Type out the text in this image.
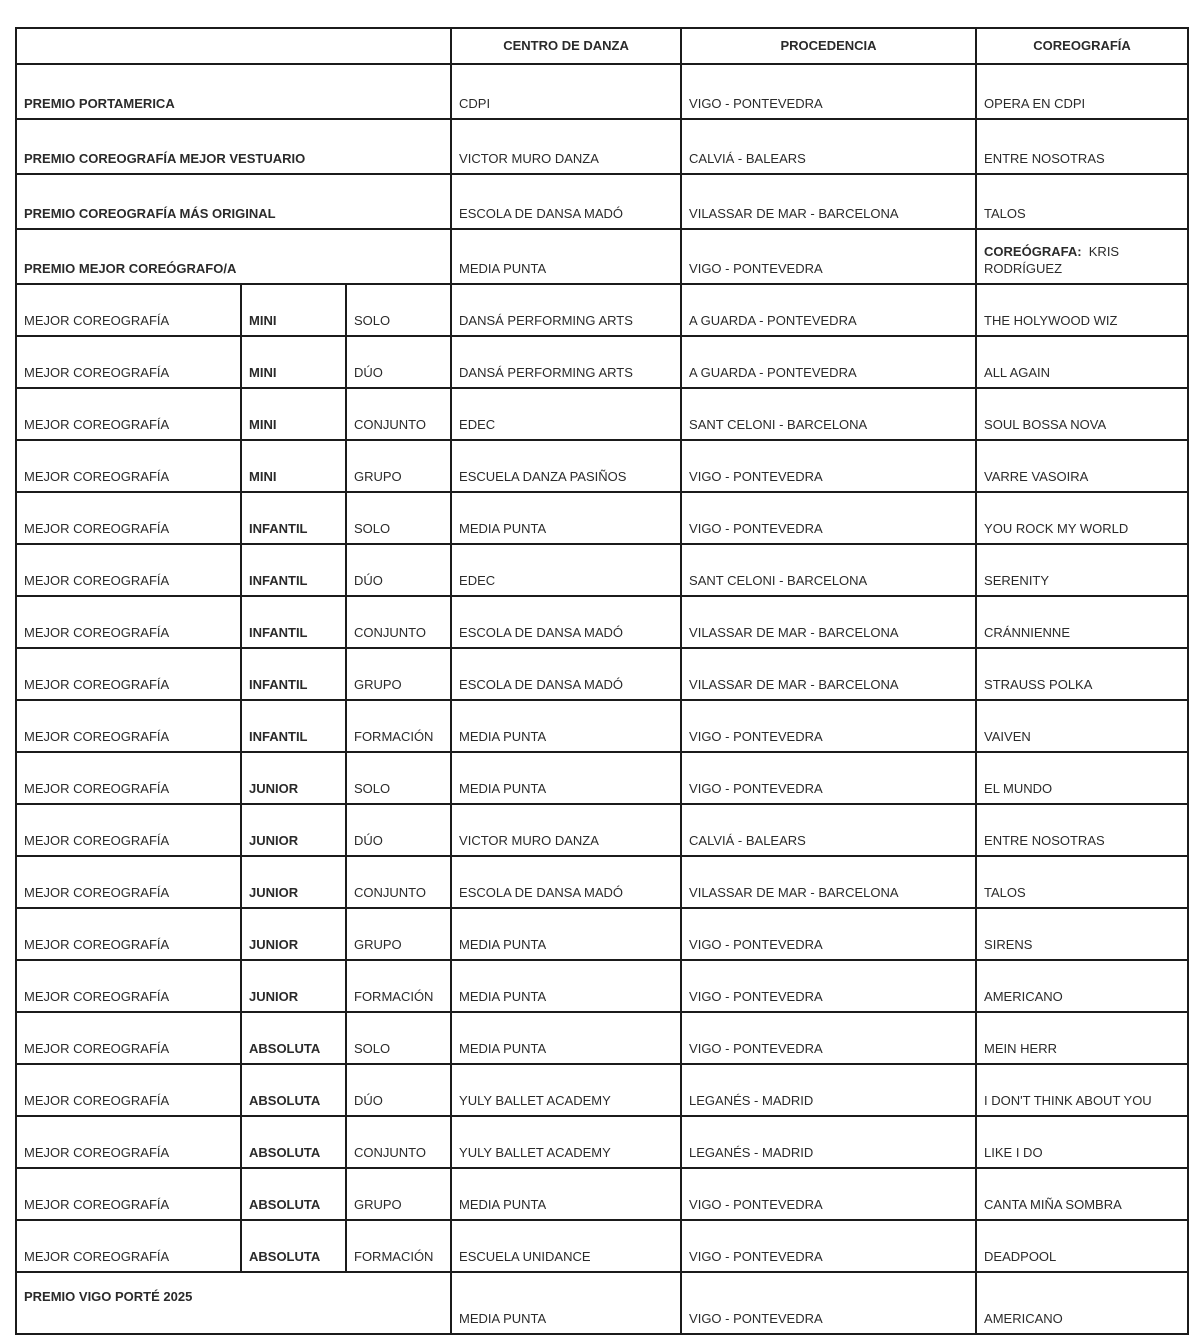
			CENTRO DE DANZA	PROCEDENCIA	COREOGRAFÍA
PREMIO PORTAMERICA			CDPI	VIGO - PONTEVEDRA	OPERA EN CDPI
PREMIO COREOGRAFÍA MEJOR VESTUARIO			VICTOR MURO DANZA	CALVIÁ - BALEARS	ENTRE NOSOTRAS
PREMIO COREOGRAFÍA MÁS ORIGINAL			ESCOLA DE DANSA MADÓ	VILASSAR DE MAR - BARCELONA	TALOS
PREMIO MEJOR COREÓGRAFO/A			MEDIA PUNTA	VIGO - PONTEVEDRA	COREÓGRAFA: KRIS RODRÍGUEZ
MEJOR COREOGRAFÍA	MINI	SOLO	DANSÁ PERFORMING ARTS	A GUARDA - PONTEVEDRA	THE HOLYWOOD WIZ
MEJOR COREOGRAFÍA	MINI	DÚO	DANSÁ PERFORMING ARTS	A GUARDA - PONTEVEDRA	ALL AGAIN
MEJOR COREOGRAFÍA	MINI	CONJUNTO	EDEC	SANT CELONI - BARCELONA	SOUL BOSSA NOVA
MEJOR COREOGRAFÍA	MINI	GRUPO	ESCUELA DANZA PASIÑOS	VIGO - PONTEVEDRA	VARRE VASOIRA
MEJOR COREOGRAFÍA	INFANTIL	SOLO	MEDIA PUNTA	VIGO - PONTEVEDRA	YOU ROCK MY WORLD
MEJOR COREOGRAFÍA	INFANTIL	DÚO	EDEC	SANT CELONI - BARCELONA	SERENITY
MEJOR COREOGRAFÍA	INFANTIL	CONJUNTO	ESCOLA DE DANSA MADÓ	VILASSAR DE MAR - BARCELONA	CRÁNNIENNE
MEJOR COREOGRAFÍA	INFANTIL	GRUPO	ESCOLA DE DANSA MADÓ	VILASSAR DE MAR - BARCELONA	STRAUSS POLKA
MEJOR COREOGRAFÍA	INFANTIL	FORMACIÓN	MEDIA PUNTA	VIGO - PONTEVEDRA	VAIVEN
MEJOR COREOGRAFÍA	JUNIOR	SOLO	MEDIA PUNTA	VIGO - PONTEVEDRA	EL MUNDO
MEJOR COREOGRAFÍA	JUNIOR	DÚO	VICTOR MURO DANZA	CALVIÁ - BALEARS	ENTRE NOSOTRAS
MEJOR COREOGRAFÍA	JUNIOR	CONJUNTO	ESCOLA DE DANSA MADÓ	VILASSAR DE MAR - BARCELONA	TALOS
MEJOR COREOGRAFÍA	JUNIOR	GRUPO	MEDIA PUNTA	VIGO - PONTEVEDRA	SIRENS
MEJOR COREOGRAFÍA	JUNIOR	FORMACIÓN	MEDIA PUNTA	VIGO - PONTEVEDRA	AMERICANO
MEJOR COREOGRAFÍA	ABSOLUTA	SOLO	MEDIA PUNTA	VIGO - PONTEVEDRA	MEIN HERR
MEJOR COREOGRAFÍA	ABSOLUTA	DÚO	YULY BALLET ACADEMY	LEGANÉS - MADRID	I DON'T THINK ABOUT YOU
MEJOR COREOGRAFÍA	ABSOLUTA	CONJUNTO	YULY BALLET ACADEMY	LEGANÉS - MADRID	LIKE I DO
MEJOR COREOGRAFÍA	ABSOLUTA	GRUPO	MEDIA PUNTA	VIGO - PONTEVEDRA	CANTA MIÑA SOMBRA
MEJOR COREOGRAFÍA	ABSOLUTA	FORMACIÓN	ESCUELA UNIDANCE	VIGO - PONTEVEDRA	DEADPOOL
PREMIO VIGO PORTÉ 2025			MEDIA PUNTA	VIGO - PONTEVEDRA	AMERICANO
